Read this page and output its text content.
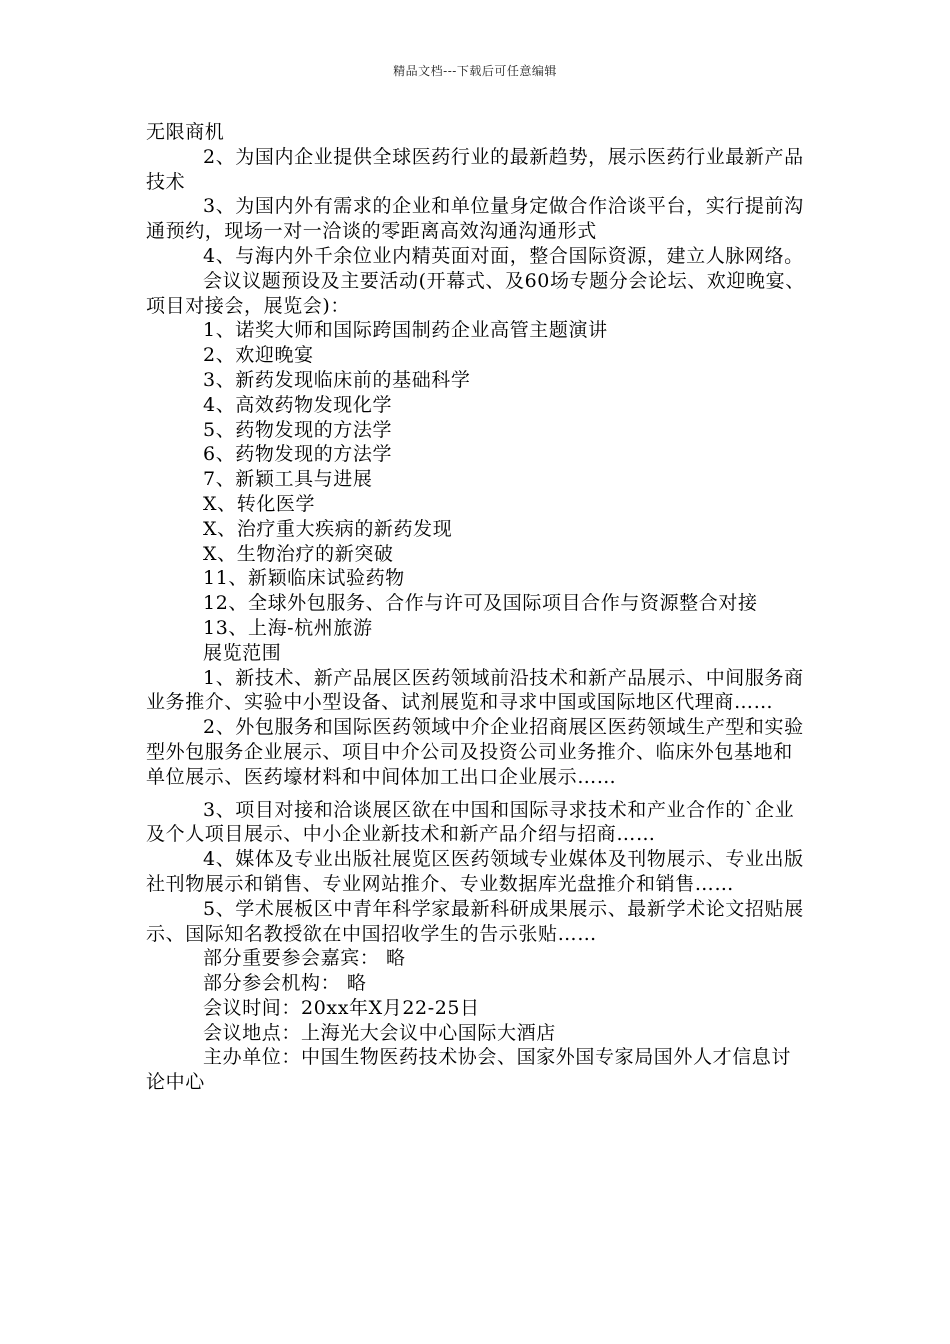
精品文档---下载后可任意编辑

无限商机

2、为国内企业提供全球医药行业的最新趋势，展示医药行业最新产品技术

3、为国内外有需求的企业和单位量身定做合作洽谈平台，实行提前沟通预约，现场一对一洽谈的零距离高效沟通沟通形式

4、与海内外千余位业内精英面对面，整合国际资源，建立人脉网络。

会议议题预设及主要活动(开幕式、及60场专题分会论坛、欢迎晚宴、项目对接会，展览会)：

1、诺奖大师和国际跨国制药企业高管主题演讲

2、欢迎晚宴

3、新药发现临床前的基础科学

4、高效药物发现化学

5、药物发现的方法学

6、药物发现的方法学

7、新颖工具与进展

X、转化医学

X、治疗重大疾病的新药发现

X、生物治疗的新突破

11、新颖临床试验药物

12、全球外包服务、合作与许可及国际项目合作与资源整合对接

13、上海-杭州旅游

展览范围

1、新技术、新产品展区医药领域前沿技术和新产品展示、中间服务商业务推介、实验中小型设备、试剂展览和寻求中国或国际地区代理商……

2、外包服务和国际医药领域中介企业招商展区医药领域生产型和实验型外包服务企业展示、项目中介公司及投资公司业务推介、临床外包基地和单位展示、医药壕材料和中间体加工出口企业展示……

3、项目对接和洽谈展区欲在中国和国际寻求技术和产业合作的`企业及个人项目展示、中小企业新技术和新产品介绍与招商……

4、媒体及专业出版社展览区医药领域专业媒体及刊物展示、专业出版社刊物展示和销售、专业网站推介、专业数据库光盘推介和销售……

5、学术展板区中青年科学家最新科研成果展示、最新学术论文招贴展示、国际知名教授欲在中国招收学生的告示张贴……

部分重要参会嘉宾： 略

部分参会机构： 略

会议时间：20xx年X月22-25日

会议地点：上海光大会议中心国际大酒店

主办单位：中国生物医药技术协会、国家外国专家局国外人才信息讨论中心
